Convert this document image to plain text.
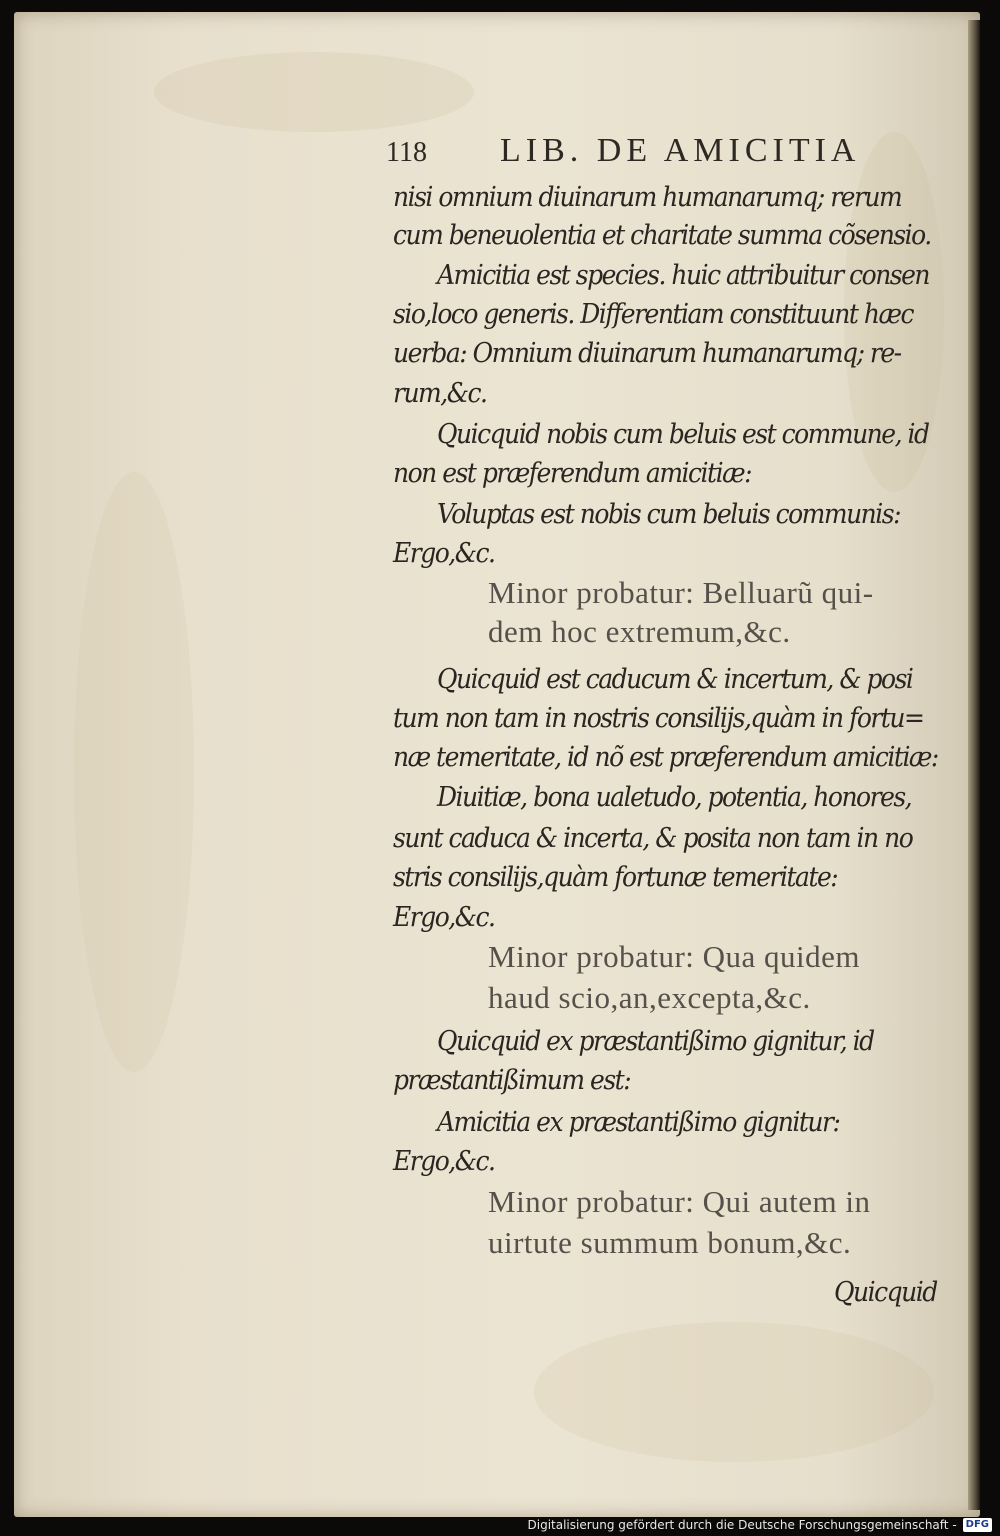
118 LIB. DE AMICITIA

nisi omnium diuinarum humanarumq; rerum

cum beneuolentia et charitate summa cõsensio.

Amicitia est species. huic attribuitur consen

sio,loco generis. Differentiam constituunt hæc

uerba: Omnium diuinarum humanarumq; re-

rum,&c.

Quicquid nobis cum beluis est commune, id

non est præferendum amicitiæ:

Voluptas est nobis cum beluis communis:

Ergo,&c.

Minor probatur: Belluarũ qui-

dem hoc extremum,&c.

Quicquid est caducum & incertum, & posi

tum non tam in nostris consilijs,quàm in fortu=

næ temeritate, id nõ est præferendum amicitiæ:

Diuitiæ, bona ualetudo, potentia, honores,

sunt caduca & incerta, & posita non tam in no

stris consilijs,quàm fortunæ temeritate:

Ergo,&c.

Minor probatur: Qua quidem

haud scio,an,excepta,&c.

Quicquid ex præstantißimo gignitur, id

præstantißimum est:

Amicitia ex præstantißimo gignitur:

Ergo,&c.

Minor probatur: Qui autem in

uirtute summum bonum,&c.

Quicquid

Digitalisierung gefördert durch die Deutsche Forschungsgemeinschaft - DFG
